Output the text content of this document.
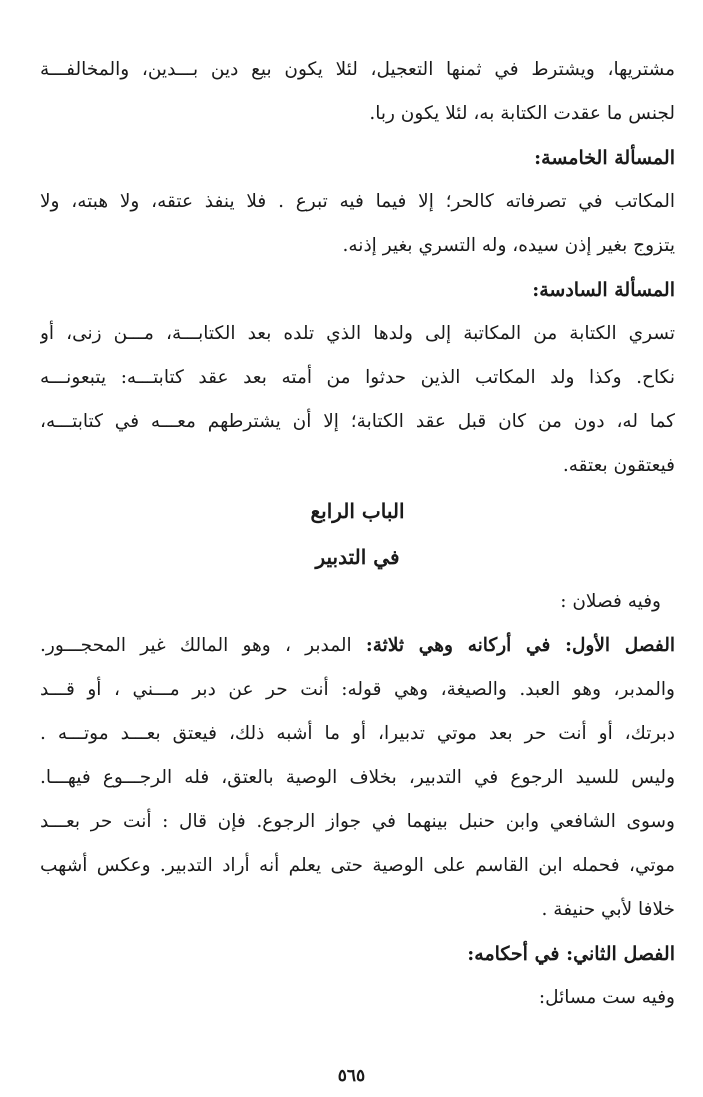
مشتريها، ويشترط في ثمنها التعجيل، لئلا يكون بيع دين بـــدين، والمخالفـــة
لجنس ما عقدت الكتابة به، لئلا يكون ربا.
المسألة الخامسة:
المكاتب في تصرفاته كالحر؛ إلا فيما فيه تبرع . فلا ينفذ عتقه، ولا هبته، ولا
يتزوج بغير إذن سيده، وله التسري بغير إذنه.
المسألة السادسة:
تسري الكتابة من المكاتبة إلى ولدها الذي تلده بعد الكتابـــة، مـــن زنى، أو
نكاح. وكذا ولد المكاتب الذين حدثوا من أمته بعد عقد كتابتـــه: يتبعونـــه
كما له، دون من كان قبل عقد الكتابة؛ إلا أن يشترطهم معـــه في كتابتـــه،
فيعتقون بعتقه.
الباب الرابع
في التدبير
وفيه فصلان :
الفصل الأول: في أركانه وهي ثلاثة: المدبر ، وهو المالك غير المحجـــور.
والمدبر، وهو العبد. والصيغة، وهي قوله: أنت حر عن دبر مـــني ، أو قـــد
دبرتك، أو أنت حر بعد موتي تدبيرا، أو ما أشبه ذلك، فيعتق بعـــد موتـــه .
وليس للسيد الرجوع في التدبير، بخلاف الوصية بالعتق، فله الرجـــوع فيهـــا.
وسوى الشافعي وابن حنبل بينهما في جواز الرجوع. فإن قال : أنت حر بعـــد
موتي، فحمله ابن القاسم على الوصية حتى يعلم أنه أراد التدبير. وعكس أشهب
خلافا لأبي حنيفة .
الفصل الثاني: في أحكامه:
وفيه ست مسائل:
٥٦٥
